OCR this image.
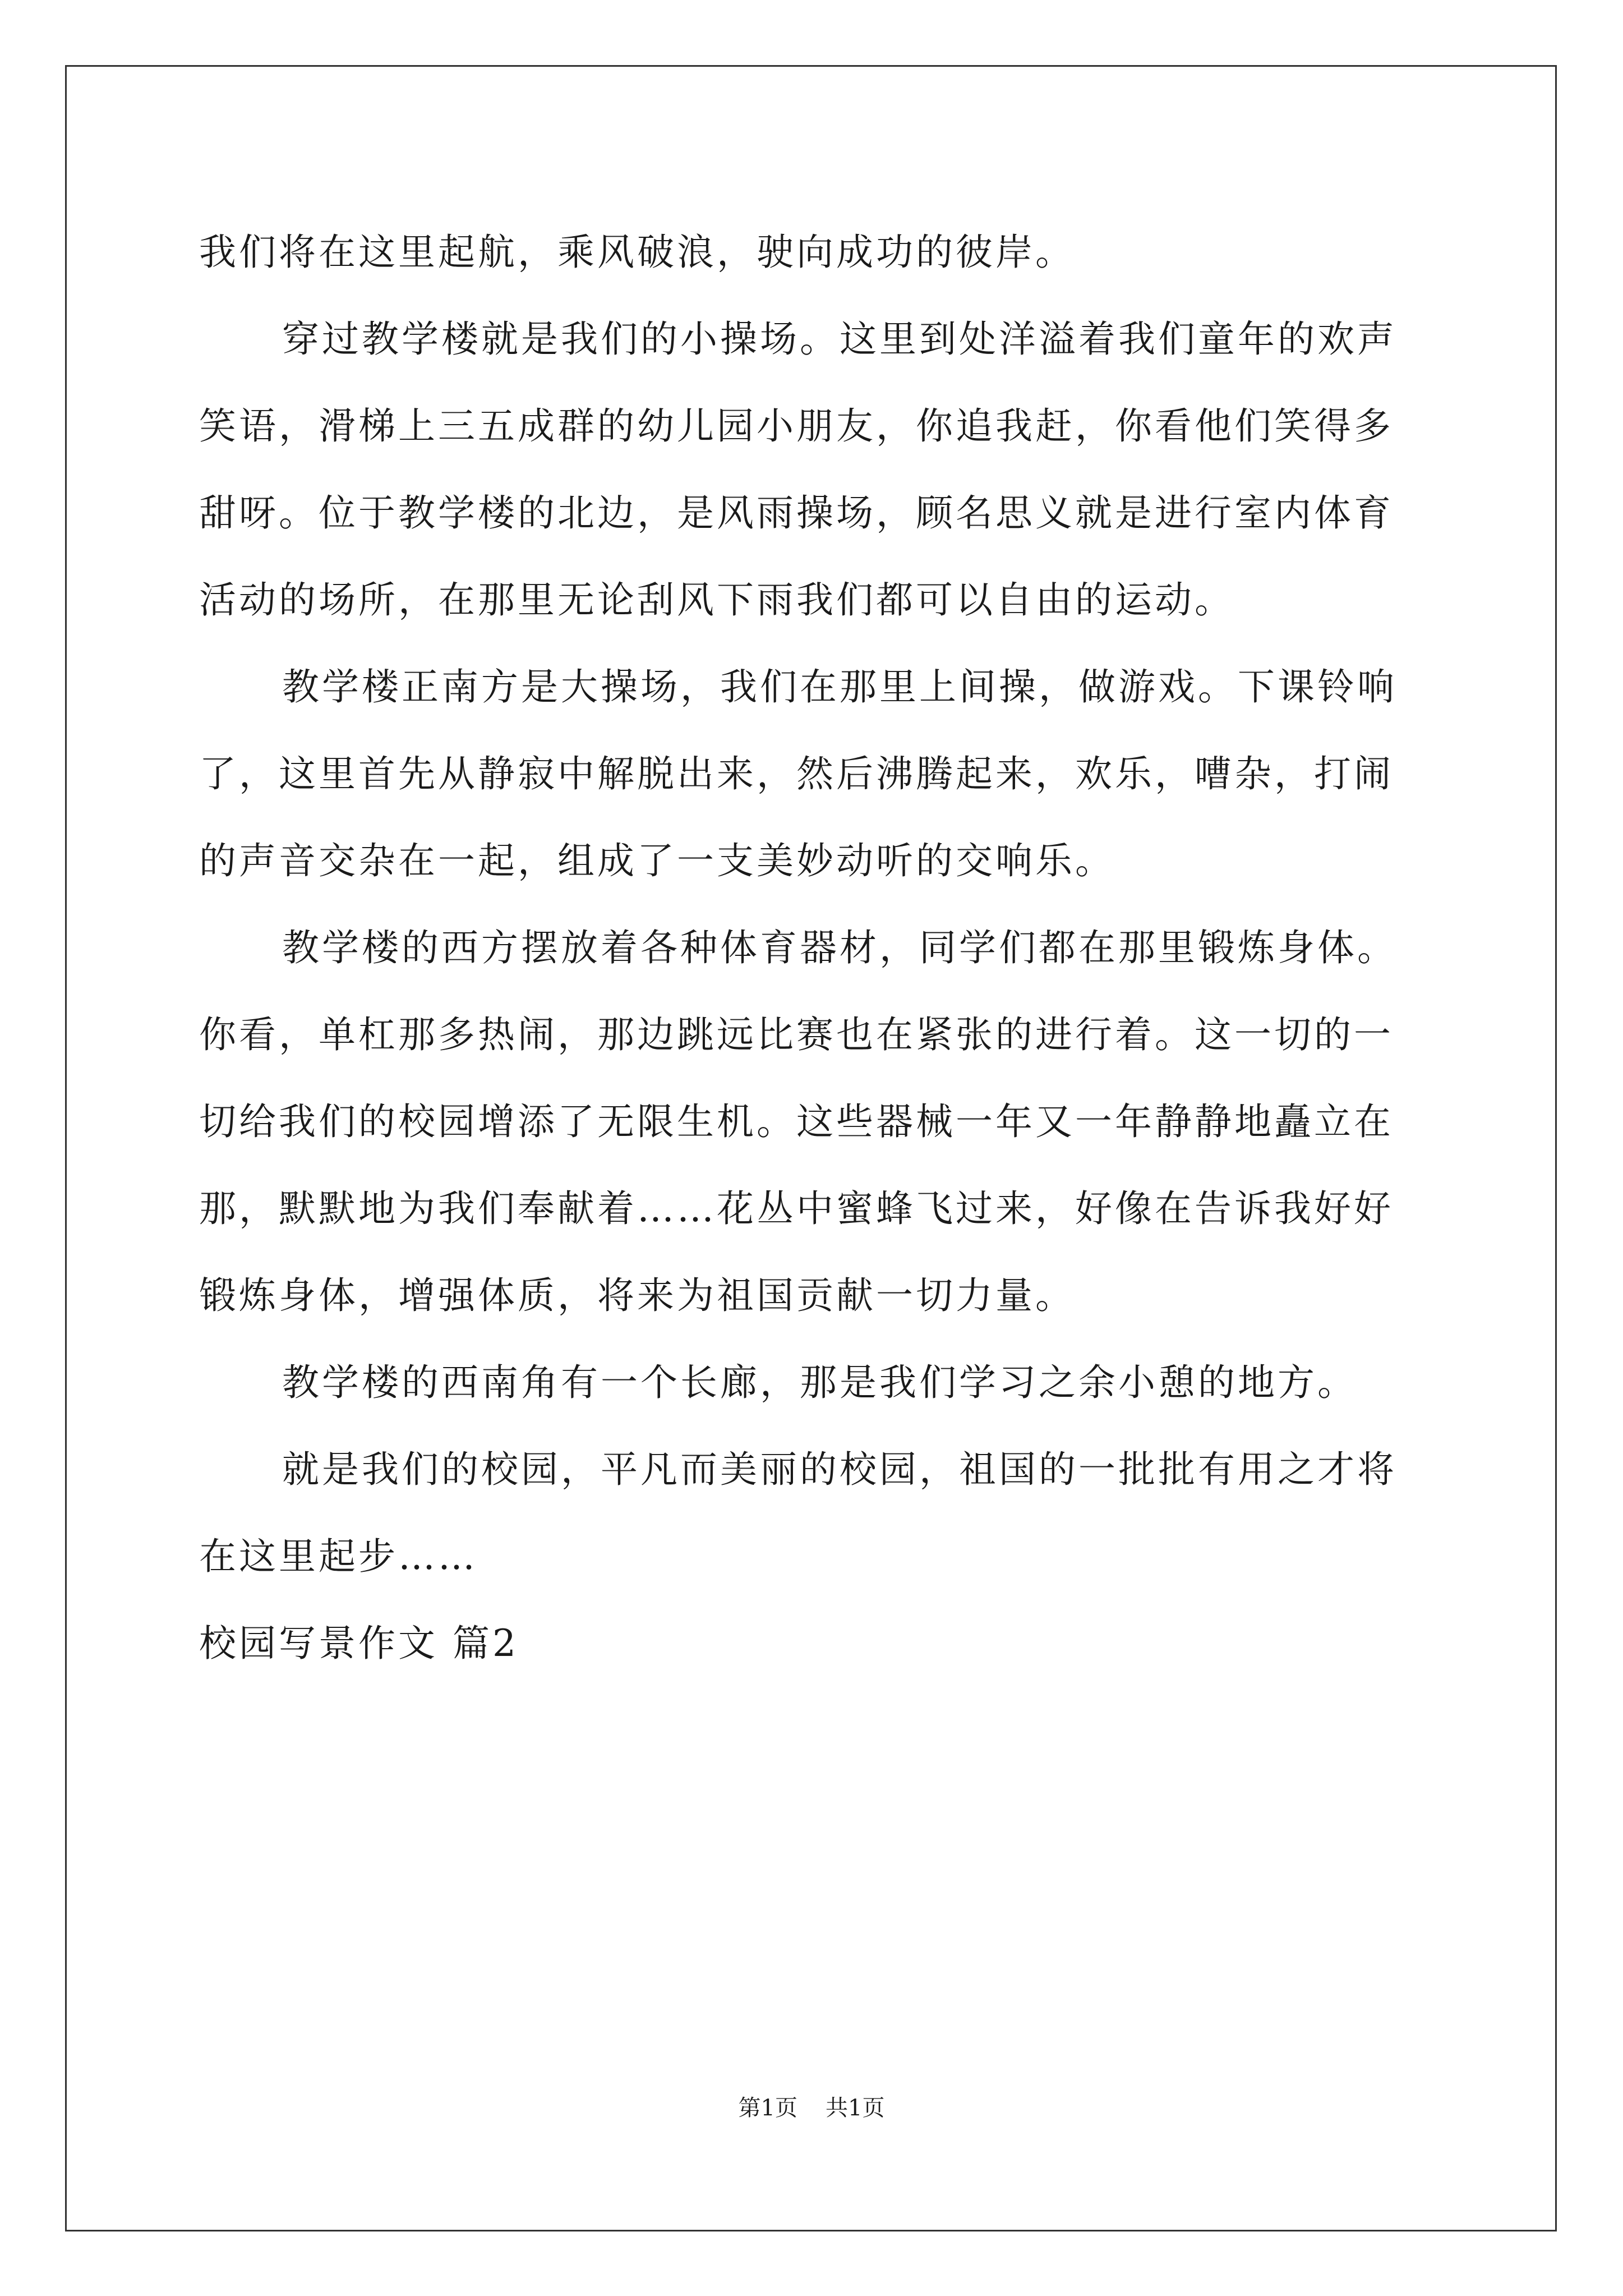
我们将在这里起航，乘风破浪，驶向成功的彼岸。
穿过教学楼就是我们的小操场。这里到处洋溢着我们童年的欢声
笑语，滑梯上三五成群的幼儿园小朋友，你追我赶，你看他们笑得多
甜呀。位于教学楼的北边，是风雨操场，顾名思义就是进行室内体育
活动的场所，在那里无论刮风下雨我们都可以自由的运动。
教学楼正南方是大操场，我们在那里上间操，做游戏。下课铃响
了，这里首先从静寂中解脱出来，然后沸腾起来，欢乐，嘈杂，打闹
的声音交杂在一起，组成了一支美妙动听的交响乐。
教学楼的西方摆放着各种体育器材，同学们都在那里锻炼身体。
你看，单杠那多热闹，那边跳远比赛也在紧张的进行着。这一切的一
切给我们的校园增添了无限生机。这些器械一年又一年静静地矗立在
那，默默地为我们奉献着……花丛中蜜蜂飞过来，好像在告诉我好好
锻炼身体，增强体质，将来为祖国贡献一切力量。
教学楼的西南角有一个长廊，那是我们学习之余小憩的地方。
就是我们的校园，平凡而美丽的校园，祖国的一批批有用之才将
在这里起步……
校园写景作文 篇2
第1页 共1页
